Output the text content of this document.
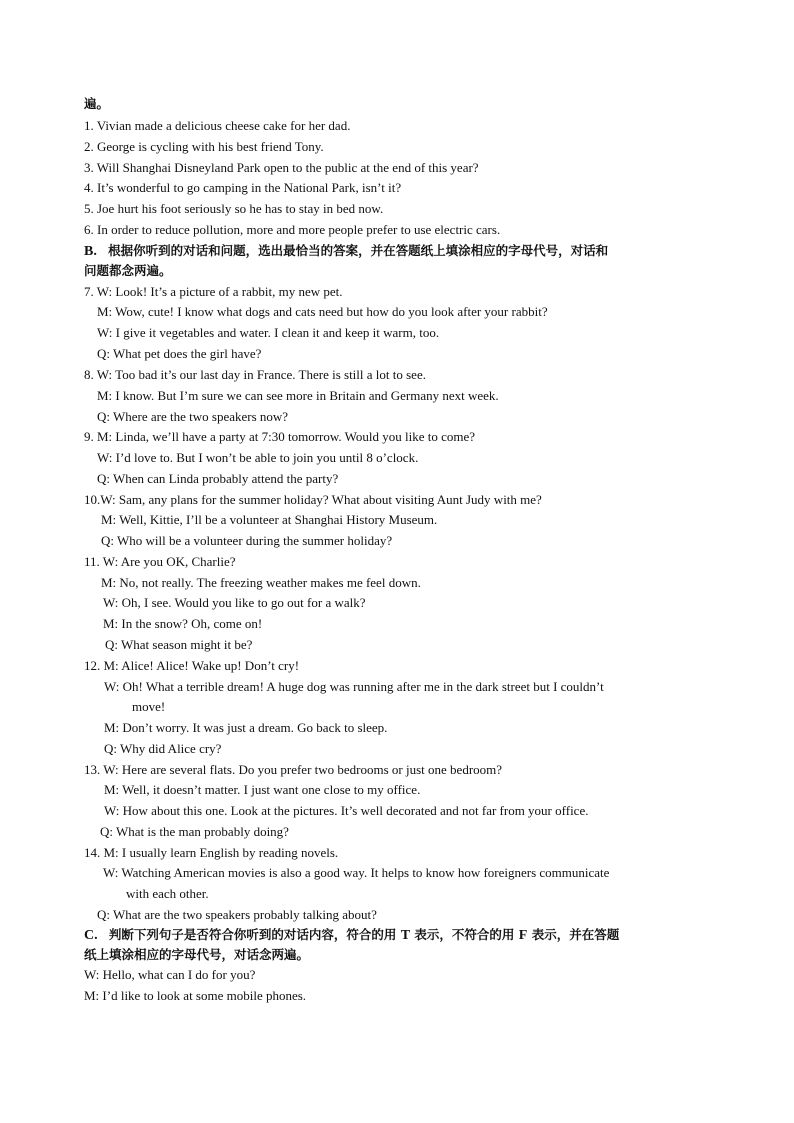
遍。
1. Vivian made a delicious cheese cake for her dad.
2. George is cycling with his best friend Tony.
3. Will Shanghai Disneyland Park open to the public at the end of this year?
4. It’s wonderful to go camping in the National Park, isn’t it?
5. Joe hurt his foot seriously so he has to stay in bed now.
6. In order to reduce pollution, more and more people prefer to use electric cars.
B. 根据你听到的对话和问题，选出最恰当的答案，并在答题纸上填涂相应的字母代号，对话和
问题都念两遍。
7. W: Look! It’s a picture of a rabbit, my new pet.
M: Wow, cute! I know what dogs and cats need but how do you look after your rabbit?
W: I give it vegetables and water. I clean it and keep it warm, too.
Q: What pet does the girl have?
8. W: Too bad it’s our last day in France. There is still a lot to see.
M: I know. But I’m sure we can see more in Britain and Germany next week.
Q: Where are the two speakers now?
9. M: Linda, we’ll have a party at 7:30 tomorrow. Would you like to come?
W: I’d love to. But I won’t be able to join you until 8 o’clock.
Q: When can Linda probably attend the party?
10.W: Sam, any plans for the summer holiday? What about visiting Aunt Judy with me?
M: Well, Kittie, I’ll be a volunteer at Shanghai History Museum.
Q: Who will be a volunteer during the summer holiday?
11. W: Are you OK, Charlie?
M: No, not really. The freezing weather makes me feel down.
W: Oh, I see. Would you like to go out for a walk?
M: In the snow? Oh, come on!
Q: What season might it be?
12. M: Alice! Alice! Wake up! Don’t cry!
W: Oh! What a terrible dream! A huge dog was running after me in the dark street but I couldn’t
move!
M: Don’t worry. It was just a dream. Go back to sleep.
Q: Why did Alice cry?
13. W: Here are several flats. Do you prefer two bedrooms or just one bedroom?
M: Well, it doesn’t matter. I just want one close to my office.
W: How about this one. Look at the pictures. It’s well decorated and not far from your office.
Q: What is the man probably doing?
14. M: I usually learn English by reading novels.
W: Watching American movies is also a good way. It helps to know how foreigners communicate
with each other.
Q: What are the two speakers probably talking about?
C. 判断下列句子是否符合你听到的对话内容，符合的用 T 表示，不符合的用 F 表示，并在答题
纸上填涂相应的字母代号，对话念两遍。
W: Hello, what can I do for you?
M: I’d like to look at some mobile phones.
